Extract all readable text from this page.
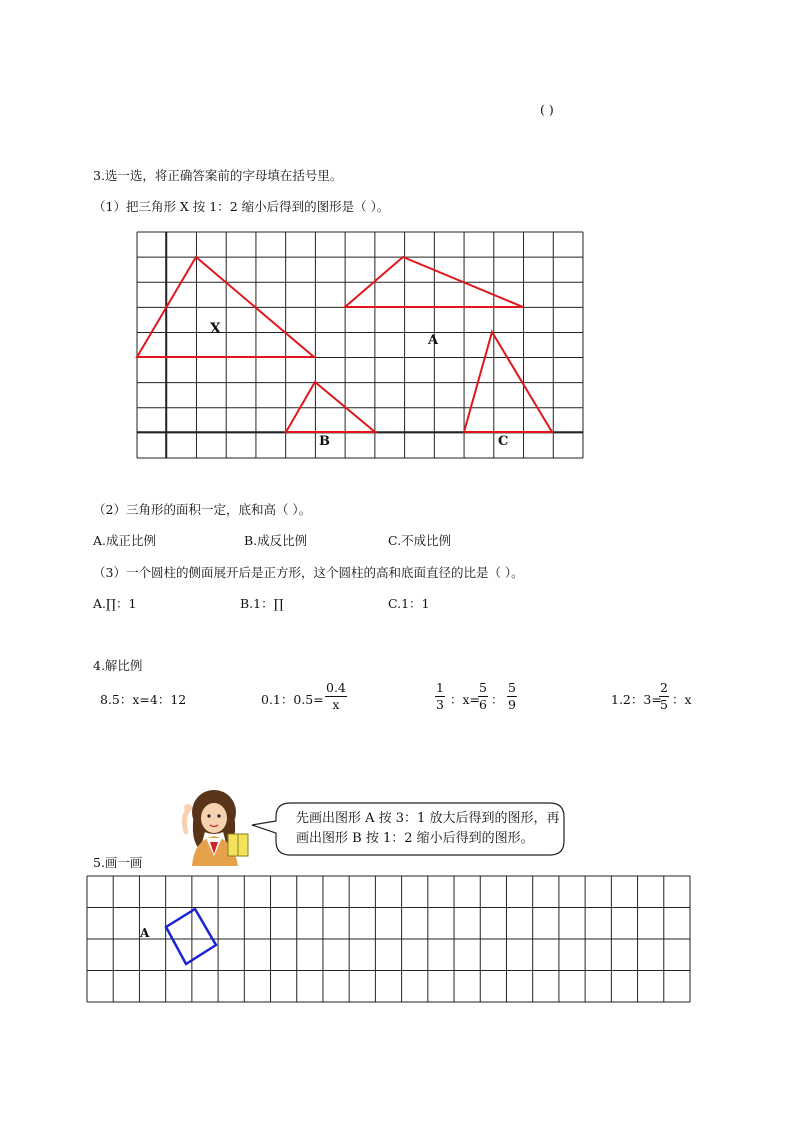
( )
3.选一选，将正确答案前的字母填在括号里。
（1）把三角形 X 按 1：2 缩小后得到的图形是（ ）。
X
A
B	C
（2）三角形的面积一定，底和高（ ）。
A.成正比例	B.成反比例	C.不成比例
（3）一个圆柱的侧面展开后是正方形，这个圆柱的高和底面直径的比是（ ）。
A.∏：1	B.1：∏	C.1：1
4.解比例
8.5：x=4：12	0.1：$0.5= \frac{0.4}{x}$	$\frac{1}{3}$ ：x=
$\frac{5}{6}$ ： $\frac{5}{9}$	1.2：3=
$\frac{2}{5}$ ：x
先画出图形 A 按 3：1 放大后得到的图形，再
画出图形 B 按 1：2 缩小后得到的图形。
5.画一画
A
